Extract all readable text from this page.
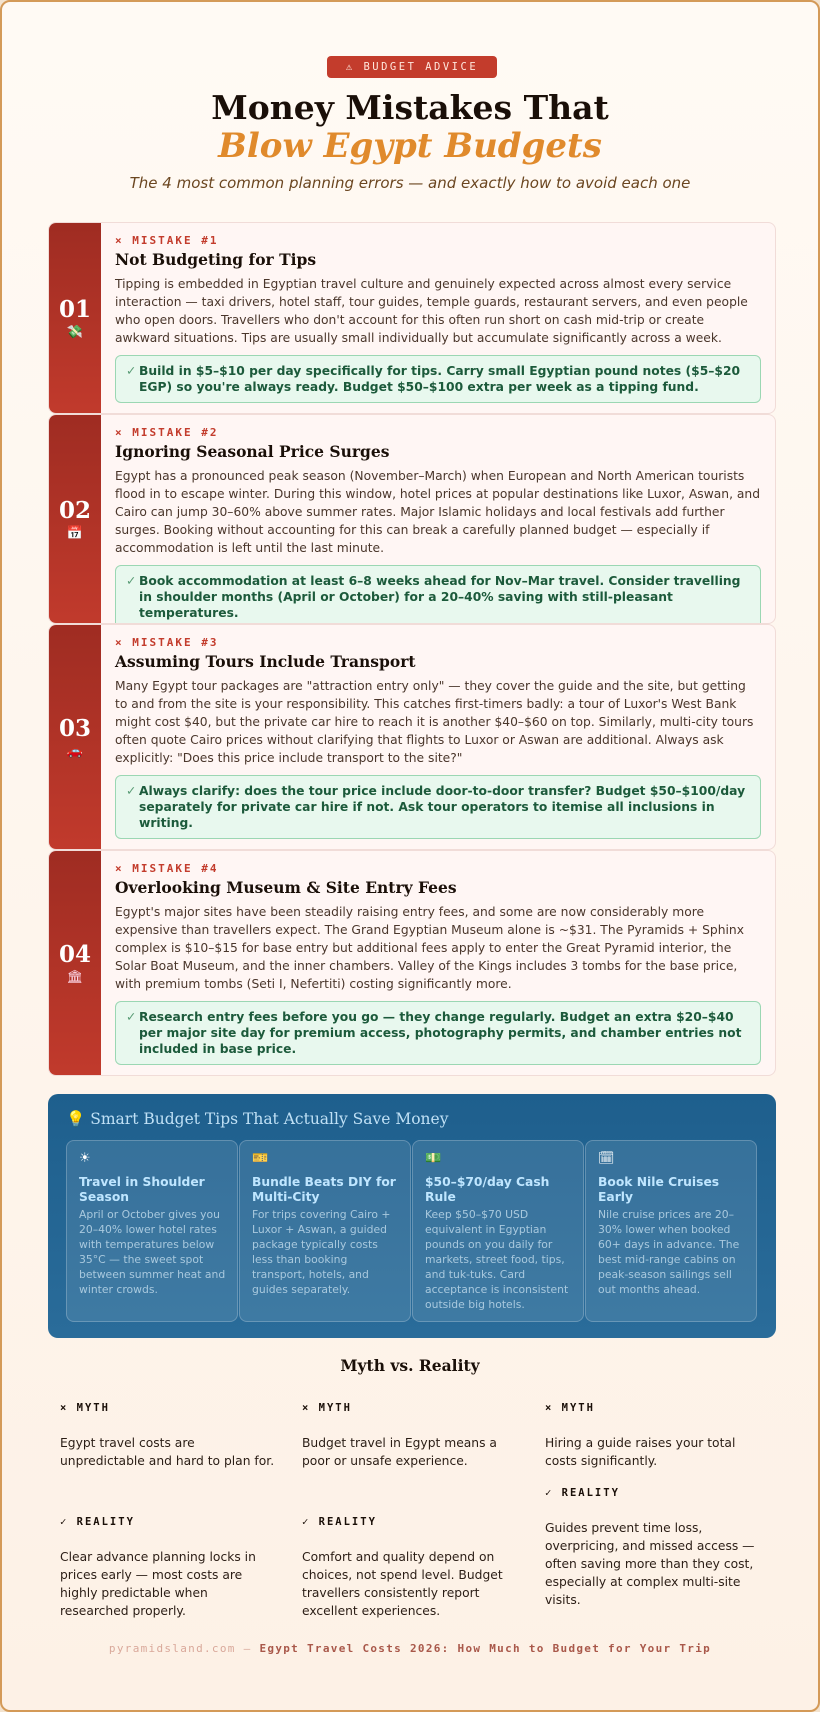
⚠ BUDGET ADVICE
Money Mistakes That
Blow Egypt Budgets
The 4 most common planning errors — and exactly how to avoid each one
01
💸
× MISTAKE #1
Not Budgeting for Tips
Tipping is embedded in Egyptian travel culture and genuinely expected across almost every service interaction — taxi drivers, hotel staff, tour guides, temple guards, restaurant servers, and even people who open doors. Travellers who don't account for this often run short on cash mid-trip or create awkward situations. Tips are usually small individually but accumulate significantly across a week.
✓ Build in $5–$10 per day specifically for tips. Carry small Egyptian pound notes ($5–$20 EGP) so you're always ready. Budget $50–$100 extra per week as a tipping fund.
02
📅
× MISTAKE #2
Ignoring Seasonal Price Surges
Egypt has a pronounced peak season (November–March) when European and North American tourists flood in to escape winter. During this window, hotel prices at popular destinations like Luxor, Aswan, and Cairo can jump 30–60% above summer rates. Major Islamic holidays and local festivals add further surges. Booking without accounting for this can break a carefully planned budget — especially if accommodation is left until the last minute.
✓ Book accommodation at least 6–8 weeks ahead for Nov–Mar travel. Consider travelling in shoulder months (April or October) for a 20–40% saving with still-pleasant temperatures.
03
🚗
× MISTAKE #3
Assuming Tours Include Transport
Many Egypt tour packages are "attraction entry only" — they cover the guide and the site, but getting to and from the site is your responsibility. This catches first-timers badly: a tour of Luxor's West Bank might cost $40, but the private car hire to reach it is another $40–$60 on top. Similarly, multi-city tours often quote Cairo prices without clarifying that flights to Luxor or Aswan are additional. Always ask explicitly: "Does this price include transport to the site?"
✓ Always clarify: does the tour price include door-to-door transfer? Budget $50–$100/day separately for private car hire if not. Ask tour operators to itemise all inclusions in writing.
04
🏛
× MISTAKE #4
Overlooking Museum & Site Entry Fees
Egypt's major sites have been steadily raising entry fees, and some are now considerably more expensive than travellers expect. The Grand Egyptian Museum alone is ~$31. The Pyramids + Sphinx complex is $10–$15 for base entry but additional fees apply to enter the Great Pyramid interior, the Solar Boat Museum, and the inner chambers. Valley of the Kings includes 3 tombs for the base price, with premium tombs (Seti I, Nefertiti) costing significantly more.
✓ Research entry fees before you go — they change regularly. Budget an extra $20–$40 per major site day for premium access, photography permits, and chamber entries not included in base price.
💡 Smart Budget Tips That Actually Save Money
☀
Travel in Shoulder Season
April or October gives you 20–40% lower hotel rates with temperatures below 35°C — the sweet spot between summer heat and winter crowds.
🎫
Bundle Beats DIY for Multi-City
For trips covering Cairo + Luxor + Aswan, a guided package typically costs less than booking transport, hotels, and guides separately.
💵
$50–$70/day Cash Rule
Keep $50–$70 USD equivalent in Egyptian pounds on you daily for markets, street food, tips, and tuk-tuks. Card acceptance is inconsistent outside big hotels.
🗓
Book Nile Cruises Early
Nile cruise prices are 20–30% lower when booked 60+ days in advance. The best mid-range cabins on peak-season sailings sell out months ahead.
Myth vs. Reality
× MYTH
Egypt travel costs are unpredictable and hard to plan for.
✓ REALITY
Clear advance planning locks in prices early — most costs are highly predictable when researched properly.
× MYTH
Budget travel in Egypt means a poor or unsafe experience.
✓ REALITY
Comfort and quality depend on choices, not spend level. Budget travellers consistently report excellent experiences.
× MYTH
Hiring a guide raises your total costs significantly.
✓ REALITY
Guides prevent time loss, overpricing, and missed access — often saving more than they cost, especially at complex multi-site visits.
pyramidsland.com — Egypt Travel Costs 2026: How Much to Budget for Your Trip
